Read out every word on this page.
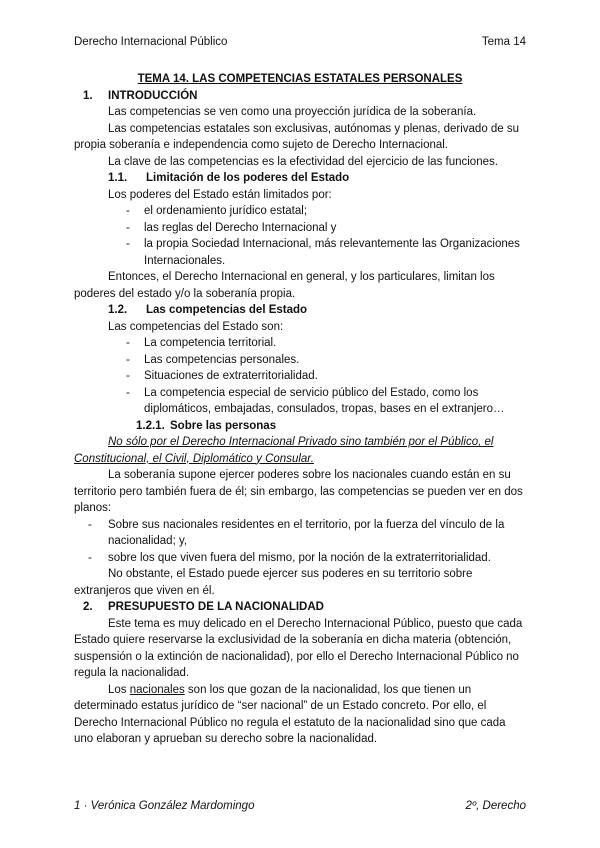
Derecho Internacional Público	Tema 14
TEMA 14. LAS COMPETENCIAS ESTATALES PERSONALES
1. INTRODUCCIÓN

Las competencias se ven como una proyección jurídica de la soberanía.

Las competencias estatales son exclusivas, autónomas y plenas, derivado de su propia soberanía e independencia como sujeto de Derecho Internacional.

La clave de las competencias es la efectividad del ejercicio de las funciones.

1.1. Limitación de los poderes del Estado

Los poderes del Estado están limitados por:

- el ordenamiento jurídico estatal;
- las reglas del Derecho Internacional y
- la propia Sociedad Internacional, más relevantemente las Organizaciones Internacionales.

Entonces, el Derecho Internacional en general, y los particulares, limitan los poderes del estado y/o la soberanía propia.

1.2. Las competencias del Estado

Las competencias del Estado son:

- La competencia territorial.
- Las competencias personales.
- Situaciones de extraterritorialidad.
- La competencia especial de servicio público del Estado, como los diplomáticos, embajadas, consulados, tropas, bases en el extranjero…
1.2.1. Sobre las personas

No sólo por el Derecho Internacional Privado sino también por el Público, el Constitucional, el Civil, Diplomático y Consular.

La soberanía supone ejercer poderes sobre los nacionales cuando están en su territorio pero también fuera de él; sin embargo, las competencias se pueden ver en dos planos:

- Sobre sus nacionales residentes en el territorio, por la fuerza del vínculo de la nacionalidad; y,
- sobre los que viven fuera del mismo, por la noción de la extraterritorialidad.

No obstante, el Estado puede ejercer sus poderes en su territorio sobre extranjeros que viven en él.

2. PRESUPUESTO DE LA NACIONALIDAD

Este tema es muy delicado en el Derecho Internacional Público, puesto que cada Estado quiere reservarse la exclusividad de la soberanía en dicha materia (obtención, suspensión o la extinción de nacionalidad), por ello el Derecho Internacional Público no regula la nacionalidad.

Los nacionales son los que gozan de la nacionalidad, los que tienen un determinado estatus jurídico de “ser nacional” de un Estado concreto. Por ello, el Derecho Internacional Público no regula el estatuto de la nacionalidad sino que cada uno elaboran y aprueban su derecho sobre la nacionalidad.

1 · Verónica González Mardomingo	2º, Derecho
